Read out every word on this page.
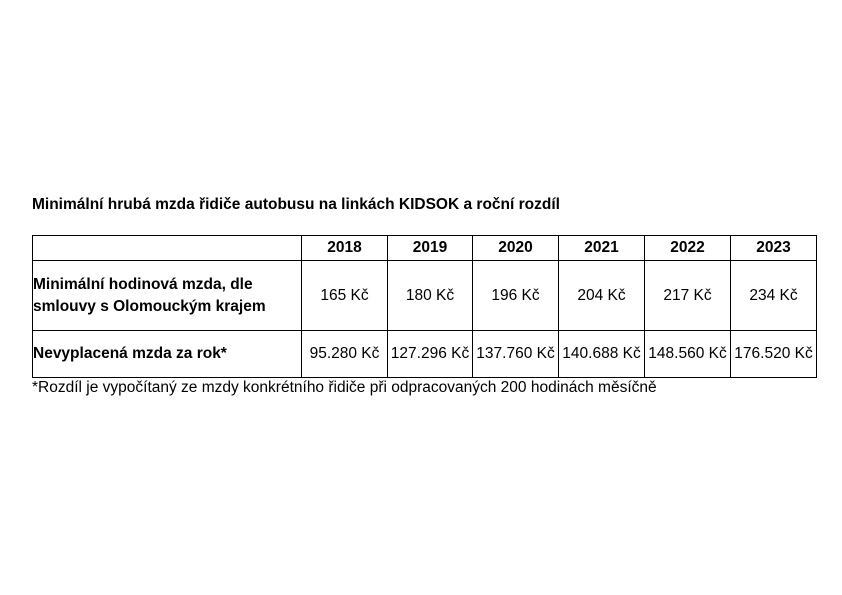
Minimální hrubá mzda řidiče autobusu na linkách KIDSOK a roční rozdíl
	2018	2019	2020	2021	2022	2023
Minimální hodinová mzda, dle smlouvy s Olomouckým krajem	165 Kč	180 Kč	196 Kč	204 Kč	217 Kč	234 Kč
Nevyplacená mzda za rok*	95.280 Kč	127.296 Kč	137.760 Kč	140.688 Kč	148.560 Kč	176.520 Kč
*Rozdíl je vypočítaný ze mzdy konkrétního řidiče při odpracovaných 200 hodinách měsíčně
